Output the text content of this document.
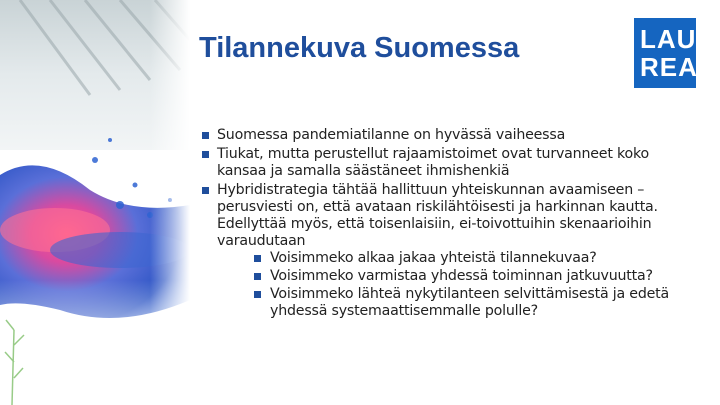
Tilannekuva Suomessa	LAU
REA
Suomessa pandemiatilanne on hyvässä vaiheessa
Tiukat, mutta perustellut rajaamistoimet ovat turvanneet koko kansaa ja samalla säästäneet ihmishenkiä
Hybridistrategia tähtää hallittuun yhteiskunnan avaamiseen – perusviesti on, että avataan riskilähtöisesti ja harkinnan kautta. Edellyttää myös, että toisenlaisiin, ei-toivottuihin skenaarioihin varaudutaan
Voisimmeko alkaa jakaa yhteistä tilannekuvaa?
Voisimmeko varmistaa yhdessä toiminnan jatkuvuutta?
Voisimmeko lähteä nykytilanteen selvittämisestä ja edetä yhdessä systemaattisemmalle polulle?
